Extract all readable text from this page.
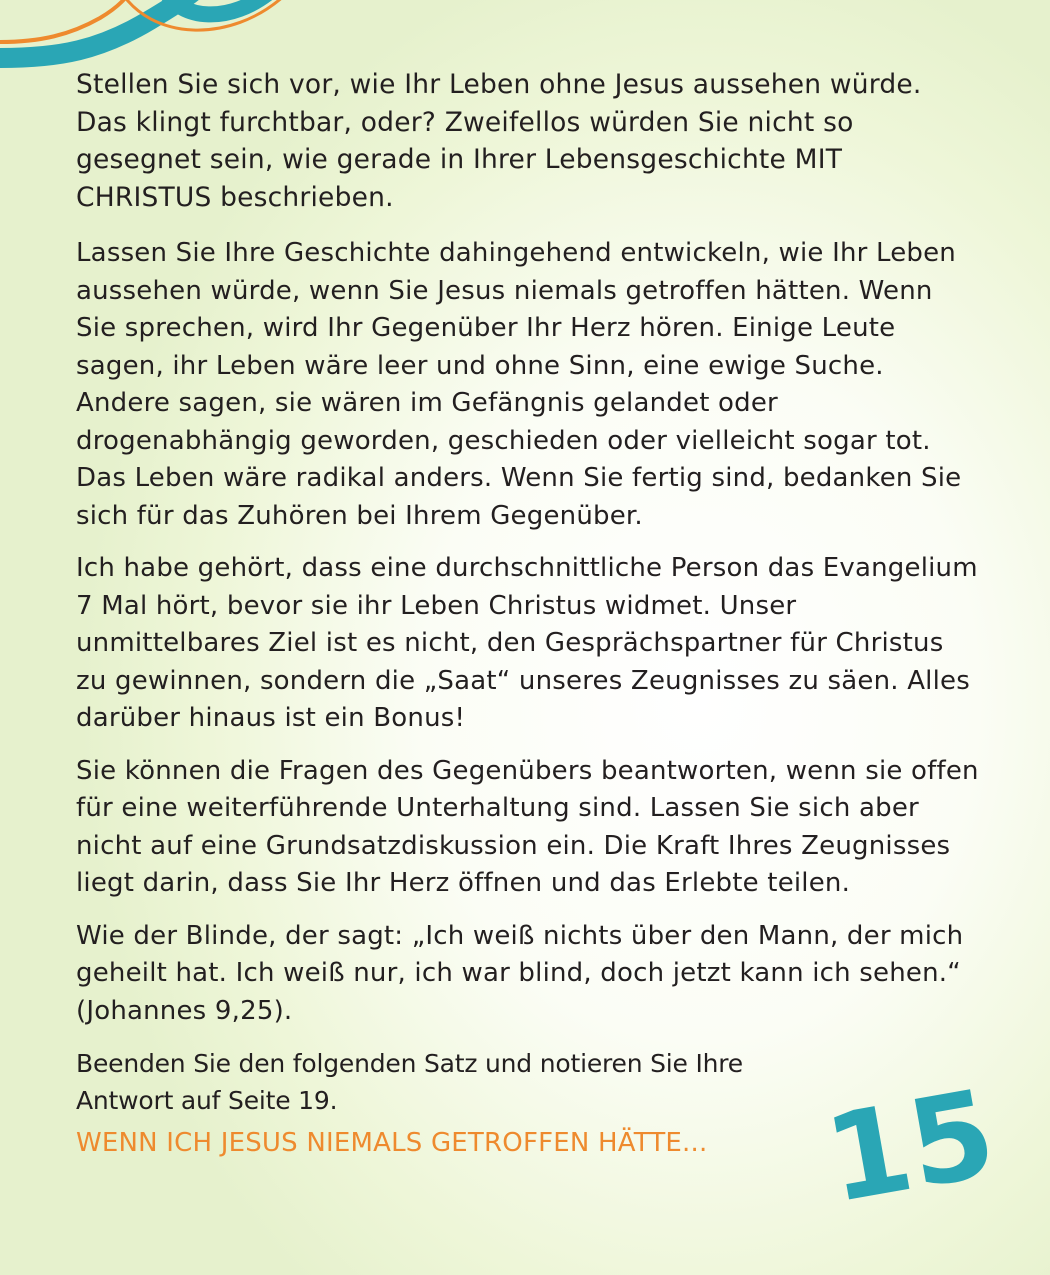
Stellen Sie sich vor, wie Ihr Leben ohne Jesus aussehen würde. Das klingt furchtbar, oder? Zweifellos würden Sie nicht so gesegnet sein, wie gerade in Ihrer Lebensgeschichte MIT CHRISTUS beschrieben.

Lassen Sie Ihre Geschichte dahingehend entwickeln, wie Ihr Leben aussehen würde, wenn Sie Jesus niemals getroffen hätten. Wenn Sie sprechen, wird Ihr Gegenüber Ihr Herz hören. Einige Leute sagen, ihr Leben wäre leer und ohne Sinn, eine ewige Suche. Andere sagen, sie wären im Gefängnis gelandet oder drogenabhängig geworden, geschieden oder vielleicht sogar tot. Das Leben wäre radikal anders. Wenn Sie fertig sind, bedanken Sie sich für das Zuhören bei Ihrem Gegenüber.

Ich habe gehört, dass eine durchschnittliche Person das Evangelium 7 Mal hört, bevor sie ihr Leben Christus widmet. Unser unmittelbares Ziel ist es nicht, den Gesprächspartner für Christus zu gewinnen, sondern die „Saat“ unseres Zeugnisses zu säen. Alles darüber hinaus ist ein Bonus!

Sie können die Fragen des Gegenübers beantworten, wenn sie offen für eine weiterführende Unterhaltung sind. Lassen Sie sich aber nicht auf eine Grundsatzdiskussion ein. Die Kraft Ihres Zeugnisses liegt darin, dass Sie Ihr Herz öffnen und das Erlebte teilen.

Wie der Blinde, der sagt: „Ich weiß nichts über den Mann, der mich geheilt hat. Ich weiß nur, ich war blind, doch jetzt kann ich sehen.“ (Johannes 9,25).

Beenden Sie den folgenden Satz und notieren Sie Ihre Antwort auf Seite 19.

WENN ICH JESUS NIEMALS GETROFFEN HÄTTE... 15
